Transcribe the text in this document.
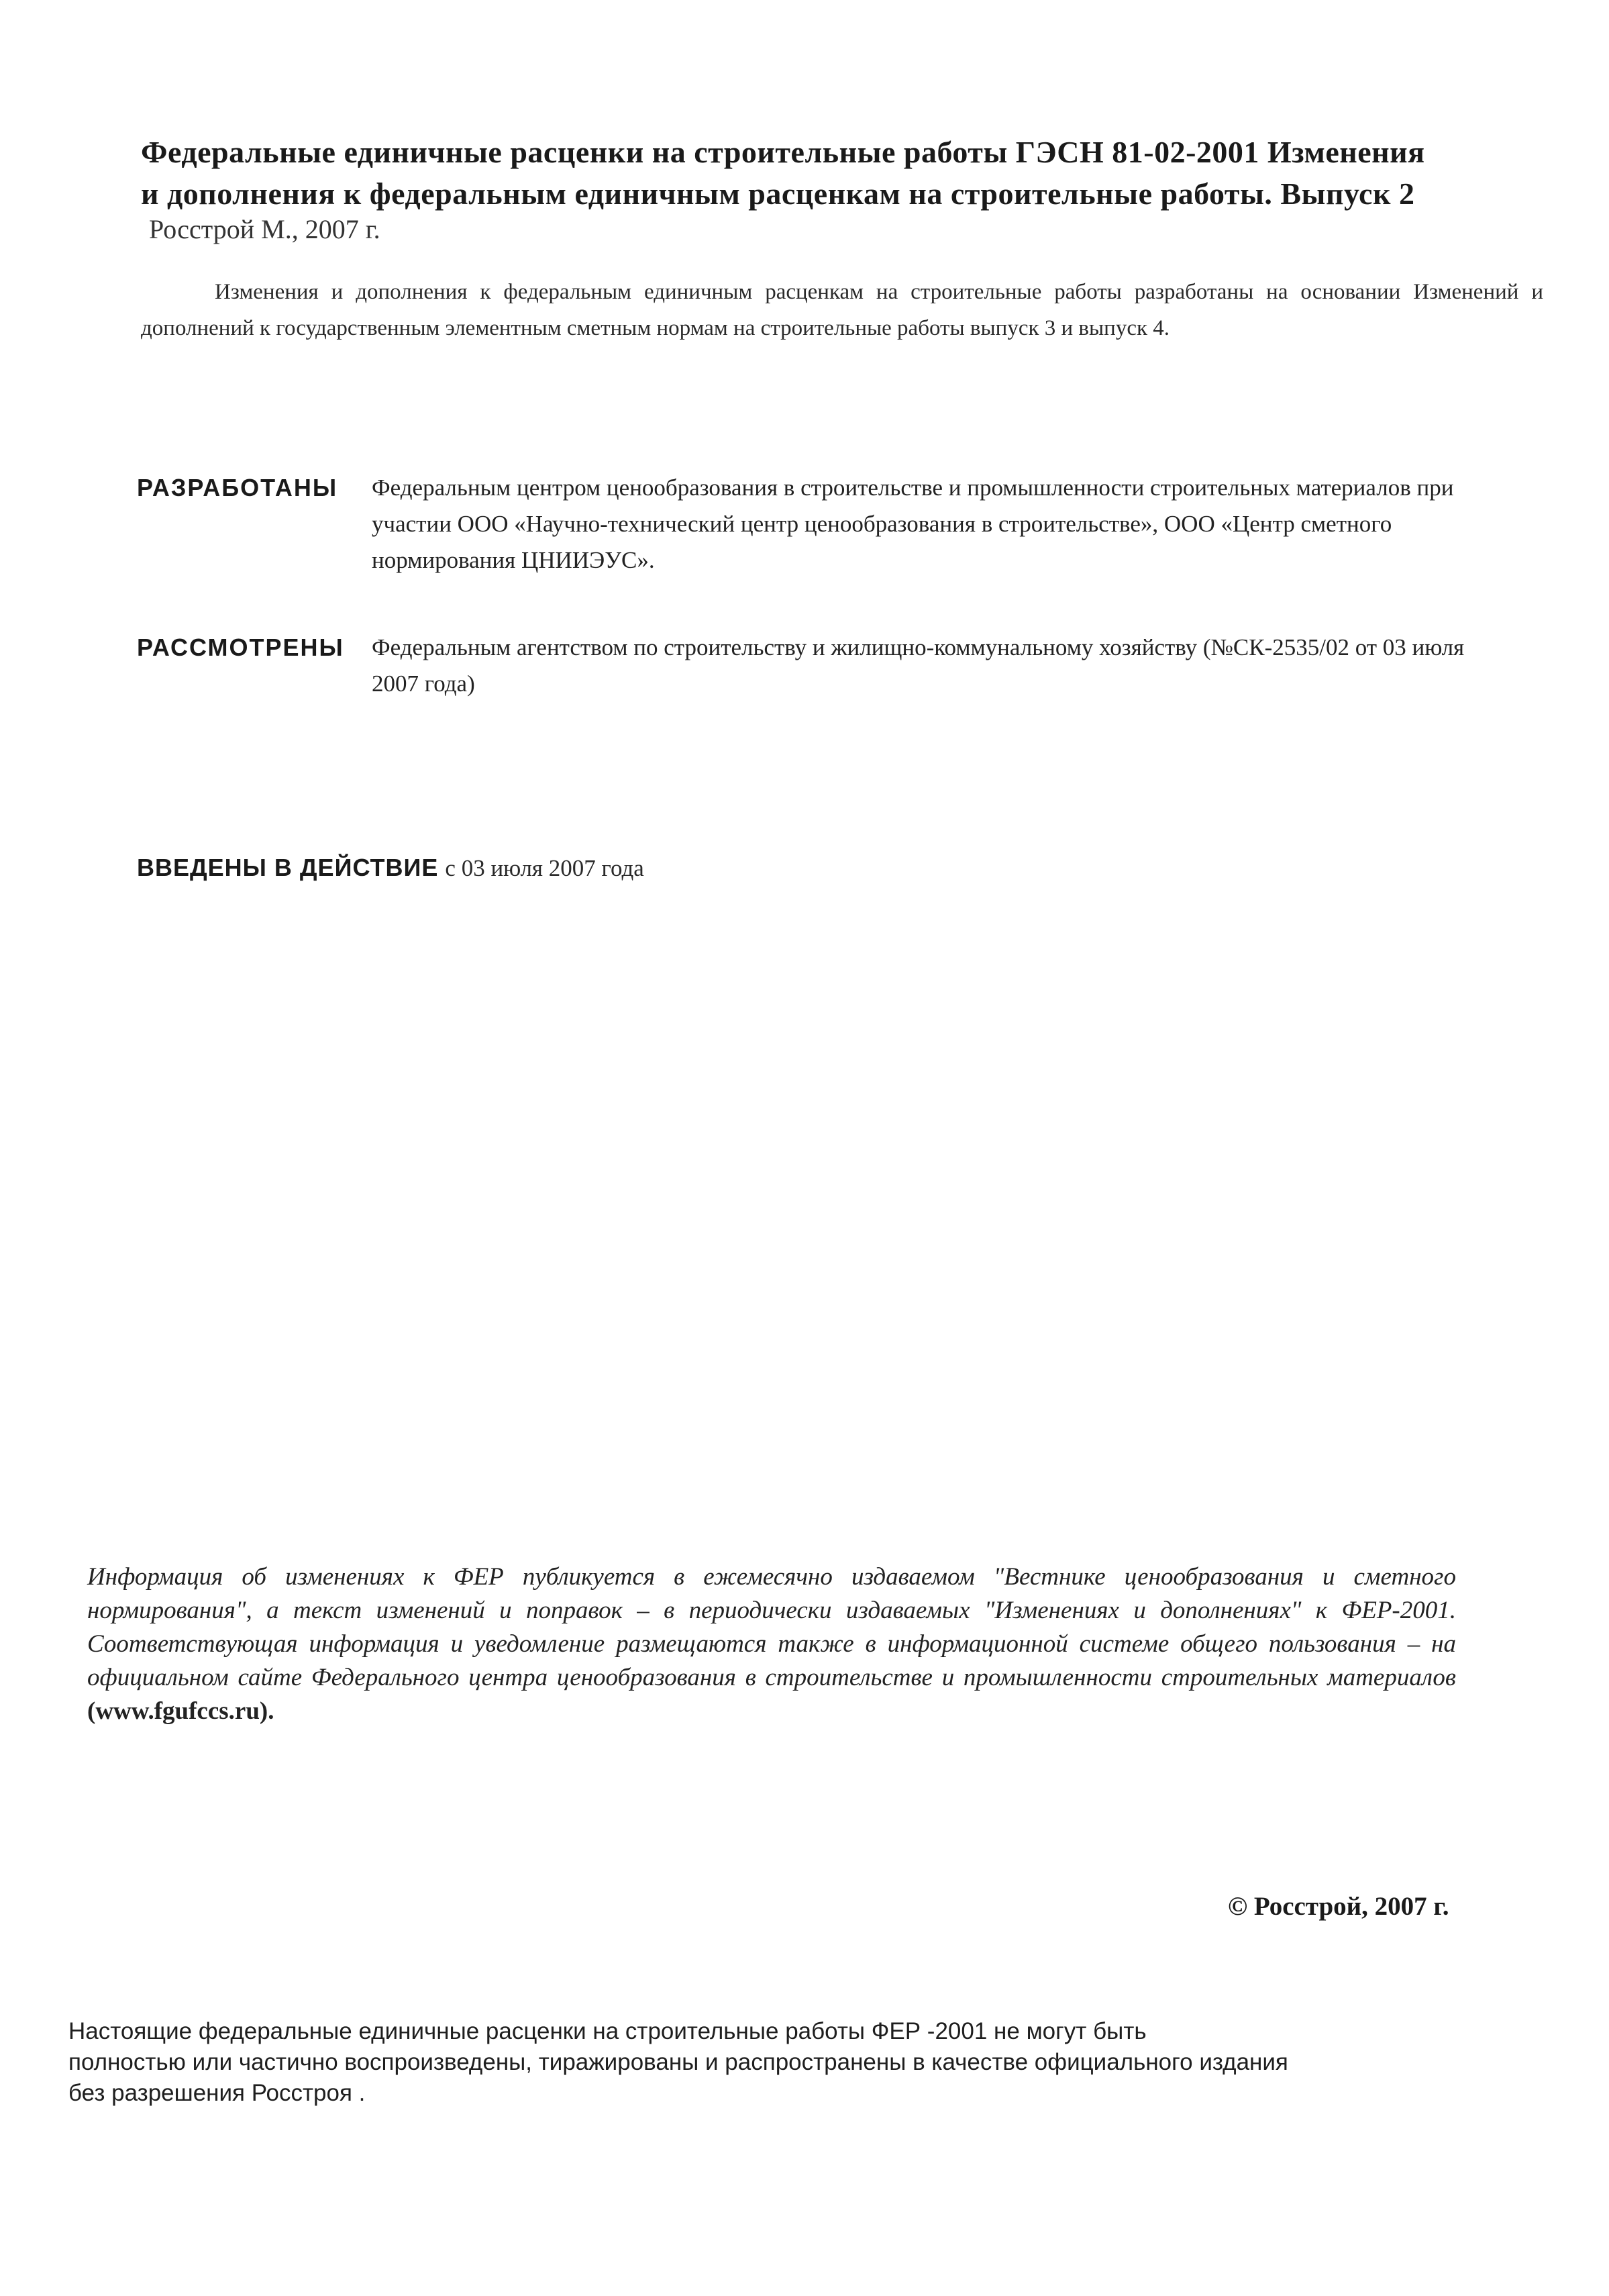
Федеральные единичные расценки на строительные работы ГЭСН 81-02-2001 Изменения
и дополнения к федеральным единичным расценкам на строительные работы. Выпуск 2
Росстрой М., 2007 г.
Изменения и дополнения к федеральным единичным расценкам на строительные работы разработаны на основании Изменений и дополнений к государственным элементным сметным нормам на строительные работы выпуск 3 и выпуск 4.
РАЗРАБОТАНЫ	Федеральным центром ценообразования в строительстве и промышленности строительных материалов при участии ООО «Научно-технический центр ценообразования в строительстве», ООО «Центр сметного нормирования ЦНИИЭУС».
РАССМОТРЕНЫ	Федеральным агентством по строительству и жилищно-коммунальному хозяйству (№СК-2535/02 от 03 июля 2007 года)
ВВЕДЕНЫ В ДЕЙСТВИЕ с 03 июля 2007 года
Информация об изменениях к ФЕР публикуется в ежемесячно издаваемом "Вестнике ценообразования и сметного нормирования", а текст изменений и поправок – в периодически издаваемых "Изменениях и дополнениях" к ФЕР-2001. Соответствующая информация и уведомление размещаются также в информационной системе общего пользования – на официальном сайте Федерального центра ценообразования в строительстве и промышленности строительных материалов (www.fgufccs.ru).
© Росстрой, 2007 г.
Настоящие федеральные единичные расценки на строительные работы ФЕР -2001 не могут быть
полностью или частично воспроизведены, тиражированы и распространены в качестве официального издания
без разрешения Росстроя .
